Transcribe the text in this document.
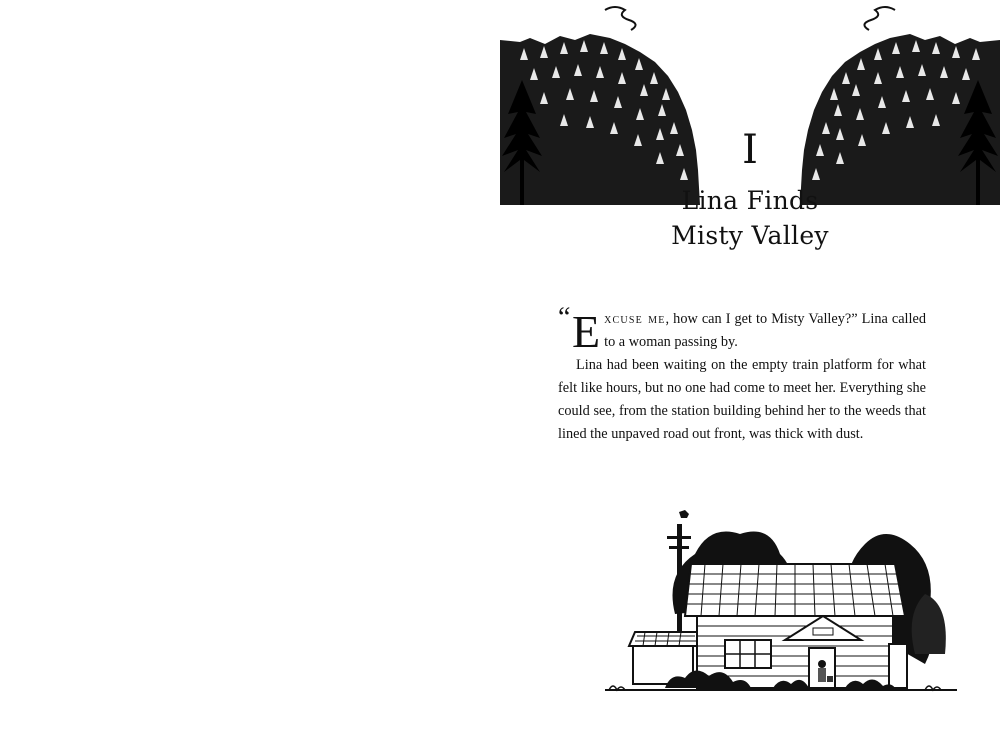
I
Lina Finds
Misty Valley
“ Excuse me, how can I get to Misty Valley?” Lina called to a woman passing by.

Lina had been waiting on the empty train platform for what felt like hours, but no one had come to meet her. Everything she could see, from the station building behind her to the weeds that lined the unpaved road out front, was thick with dust.
